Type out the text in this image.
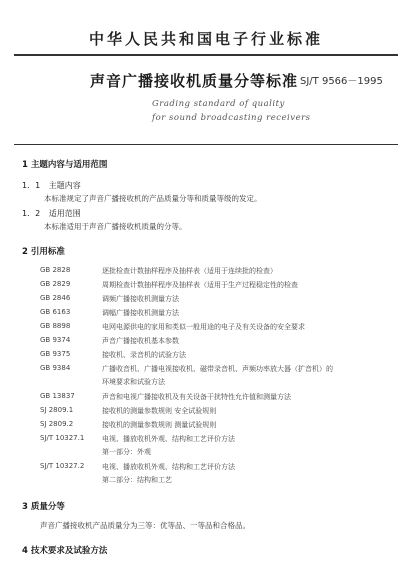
中华人民共和国电子行业标准
声音广播接收机质量分等标准 SJ/T 9566－1995
Grading standard of quality
for sound broadcasting receivers
1 主题内容与适用范围
1．1 主题内容
本标准规定了声音广播接收机的产品质量分等和质量等级的发定。
1．2 适用范围
本标准适用于声音广播接收机质量的分等。
2 引用标准
GB 2828	逐批检查计数抽样程序及抽样表（适用于连续批的检查）
GB 2829	周期检查计数抽样程序及抽样表（适用于生产过程稳定性的检查
GB 2846	调频广播接收机测量方法
GB 6163	调幅广播接收机测量方法
GB 8898	电网电源供电的家用和类似一般用途的电子及有关设备的安全要求
GB 9374	声音广播接收机基本参数
GB 9375	接收机、录音机的试验方法
GB 9384	广播收音机、广播电视接收机、磁带录音机、声频功率放大器（扩音机）的
环境要求和试验方法
GB 13837	声音和电视广播接收机及有关设备干扰特性允许值和测量方法
SJ 2809.1	接收机的测量参数规则 安全试验规则
SJ 2809.2	接收机的测量参数规则 测量试验规则
SJ/T 10327.1	电视、播放收机外观、结构和工艺评价方法
第一部分：外观
SJ/T 10327.2	电视、播放收机外观、结构和工艺评价方法
第二部分：结构和工艺
3 质量分等
声音广播接收机产品质量分为三等：优等品、一等品和合格品。
4 技术要求及试验方法
